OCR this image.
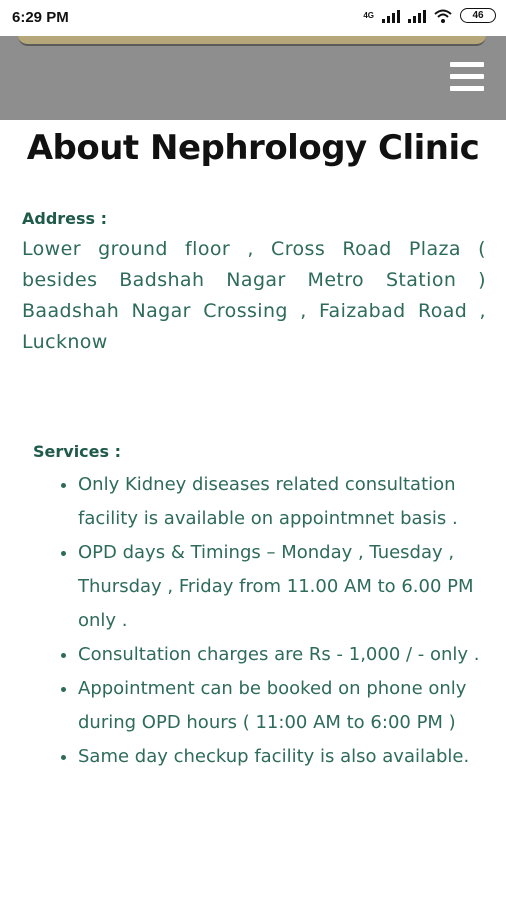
6:29 PM	4G	46
About Nephrology Clinic
Address :
Lower ground floor , Cross Road Plaza ( besides Badshah Nagar Metro Station ) Baadshah Nagar Crossing , Faizabad Road , Lucknow
Services :
• Only Kidney diseases related consultation facility is available on appointmnet basis .
• OPD days & Timings – Monday , Tuesday , Thursday , Friday from 11.00 AM to 6.00 PM only .
• Consultation charges are Rs - 1,000 / - only .
• Appointment can be booked on phone only during OPD hours ( 11:00 AM to 6:00 PM )
• Same day checkup facility is also available.
